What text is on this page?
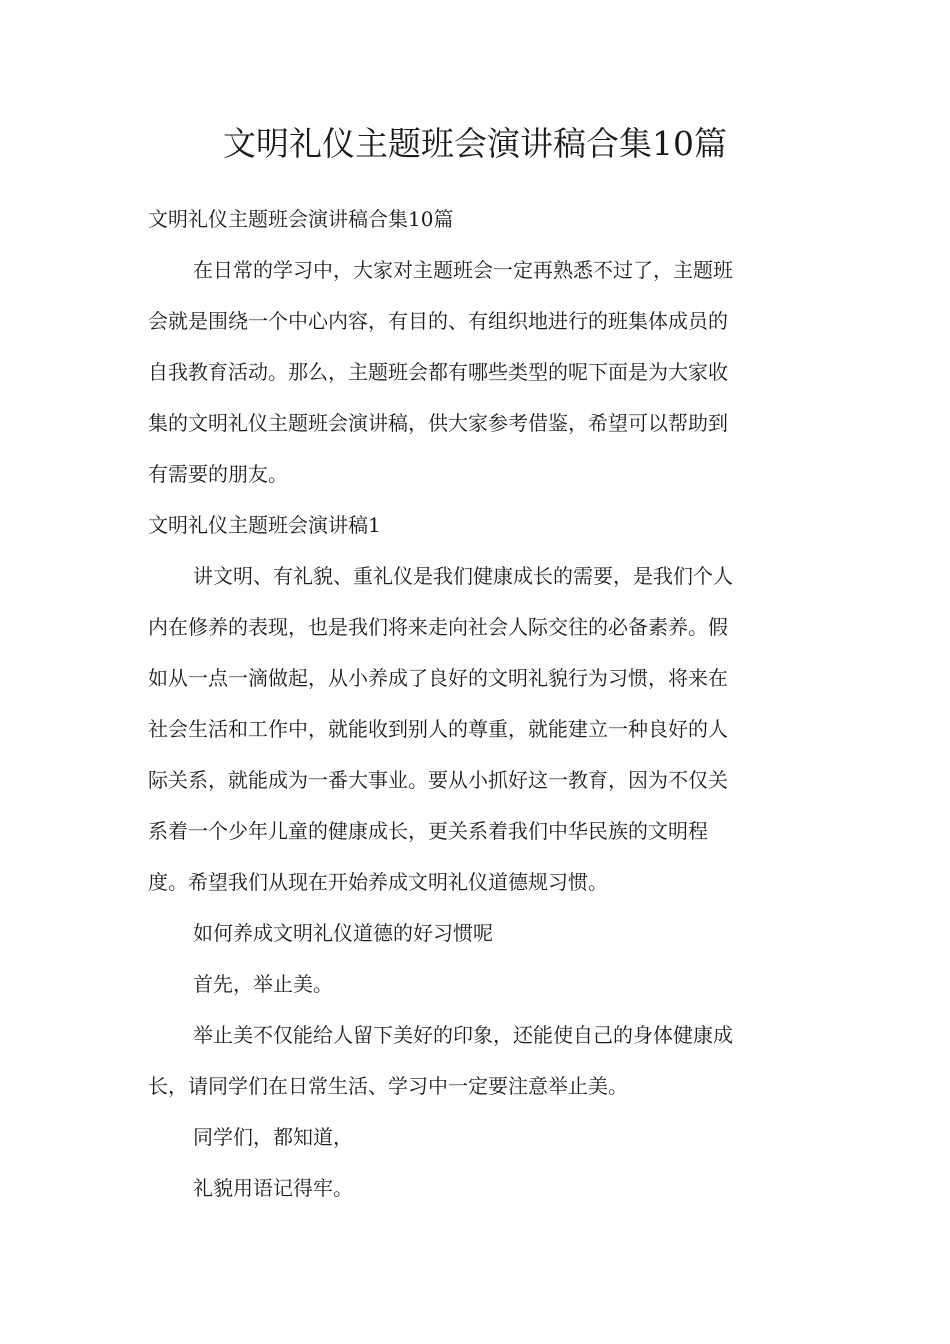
文明礼仪主题班会演讲稿合集10篇

文明礼仪主题班会演讲稿合集10篇

在日常的学习中，大家对主题班会一定再熟悉不过了，主题班

会就是围绕一个中心内容，有目的、有组织地进行的班集体成员的

自我教育活动。那么，主题班会都有哪些类型的呢下面是为大家收

集的文明礼仪主题班会演讲稿，供大家参考借鉴，希望可以帮助到

有需要的朋友。

文明礼仪主题班会演讲稿1

讲文明、有礼貌、重礼仪是我们健康成长的需要，是我们个人

内在修养的表现，也是我们将来走向社会人际交往的必备素养。假

如从一点一滴做起，从小养成了良好的文明礼貌行为习惯，将来在

社会生活和工作中，就能收到别人的尊重，就能建立一种良好的人

际关系，就能成为一番大事业。要从小抓好这一教育，因为不仅关

系着一个少年儿童的健康成长，更关系着我们中华民族的文明程

度。希望我们从现在开始养成文明礼仪道德规习惯。

如何养成文明礼仪道德的好习惯呢

首先，举止美。

举止美不仅能给人留下美好的印象，还能使自己的身体健康成

长，请同学们在日常生活、学习中一定要注意举止美。

同学们，都知道，

礼貌用语记得牢。
